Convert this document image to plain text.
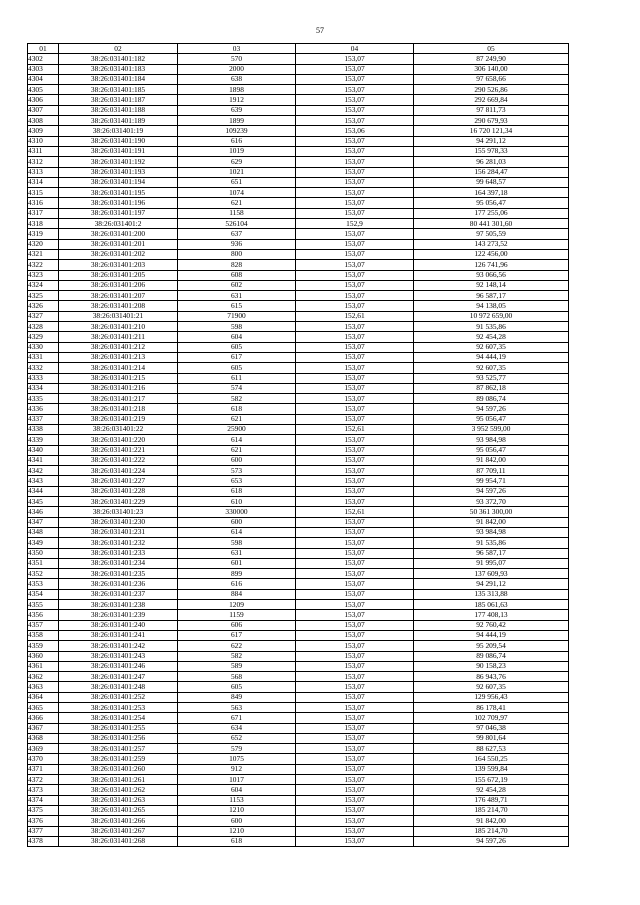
57
01	02	03	04	05
4302	38:26:031401:182	570	153,07	87 249,90
4303	38:26:031401:183	2000	153,07	306 140,00
4304	38:26:031401:184	638	153,07	97 658,66
4305	38:26:031401:185	1898	153,07	290 526,86
4306	38:26:031401:187	1912	153,07	292 669,84
4307	38:26:031401:188	639	153,07	97 811,73
4308	38:26:031401:189	1899	153,07	290 679,93
4309	38:26:031401:19	109239	153,06	16 720 121,34
4310	38:26:031401:190	616	153,07	94 291,12
4311	38:26:031401:191	1019	153,07	155 978,33
4312	38:26:031401:192	629	153,07	96 281,03
4313	38:26:031401:193	1021	153,07	156 284,47
4314	38:26:031401:194	651	153,07	99 648,57
4315	38:26:031401:195	1074	153,07	164 397,18
4316	38:26:031401:196	621	153,07	95 056,47
4317	38:26:031401:197	1158	153,07	177 255,06
4318	38:26:031401:2	526104	152,9	80 441 301,60
4319	38:26:031401:200	637	153,07	97 505,59
4320	38:26:031401:201	936	153,07	143 273,52
4321	38:26:031401:202	800	153,07	122 456,00
4322	38:26:031401:203	828	153,07	126 741,96
4323	38:26:031401:205	608	153,07	93 066,56
4324	38:26:031401:206	602	153,07	92 148,14
4325	38:26:031401:207	631	153,07	96 587,17
4326	38:26:031401:208	615	153,07	94 138,05
4327	38:26:031401:21	71900	152,61	10 972 659,00
4328	38:26:031401:210	598	153,07	91 535,86
4329	38:26:031401:211	604	153,07	92 454,28
4330	38:26:031401:212	605	153,07	92 607,35
4331	38:26:031401:213	617	153,07	94 444,19
4332	38:26:031401:214	605	153,07	92 607,35
4333	38:26:031401:215	611	153,07	93 525,77
4334	38:26:031401:216	574	153,07	87 862,18
4335	38:26:031401:217	582	153,07	89 086,74
4336	38:26:031401:218	618	153,07	94 597,26
4337	38:26:031401:219	621	153,07	95 056,47
4338	38:26:031401:22	25900	152,61	3 952 599,00
4339	38:26:031401:220	614	153,07	93 984,98
4340	38:26:031401:221	621	153,07	95 056,47
4341	38:26:031401:222	600	153,07	91 842,00
4342	38:26:031401:224	573	153,07	87 709,11
4343	38:26:031401:227	653	153,07	99 954,71
4344	38:26:031401:228	618	153,07	94 597,26
4345	38:26:031401:229	610	153,07	93 372,70
4346	38:26:031401:23	330000	152,61	50 361 300,00
4347	38:26:031401:230	600	153,07	91 842,00
4348	38:26:031401:231	614	153,07	93 984,98
4349	38:26:031401:232	598	153,07	91 535,86
4350	38:26:031401:233	631	153,07	96 587,17
4351	38:26:031401:234	601	153,07	91 995,07
4352	38:26:031401:235	899	153,07	137 609,93
4353	38:26:031401:236	616	153,07	94 291,12
4354	38:26:031401:237	884	153,07	135 313,88
4355	38:26:031401:238	1209	153,07	185 061,63
4356	38:26:031401:239	1159	153,07	177 408,13
4357	38:26:031401:240	606	153,07	92 760,42
4358	38:26:031401:241	617	153,07	94 444,19
4359	38:26:031401:242	622	153,07	95 209,54
4360	38:26:031401:243	582	153,07	89 086,74
4361	38:26:031401:246	589	153,07	90 158,23
4362	38:26:031401:247	568	153,07	86 943,76
4363	38:26:031401:248	605	153,07	92 607,35
4364	38:26:031401:252	849	153,07	129 956,43
4365	38:26:031401:253	563	153,07	86 178,41
4366	38:26:031401:254	671	153,07	102 709,97
4367	38:26:031401:255	634	153,07	97 046,38
4368	38:26:031401:256	652	153,07	99 801,64
4369	38:26:031401:257	579	153,07	88 627,53
4370	38:26:031401:259	1075	153,07	164 550,25
4371	38:26:031401:260	912	153,07	139 599,84
4372	38:26:031401:261	1017	153,07	155 672,19
4373	38:26:031401:262	604	153,07	92 454,28
4374	38:26:031401:263	1153	153,07	176 489,71
4375	38:26:031401:265	1210	153,07	185 214,70
4376	38:26:031401:266	600	153,07	91 842,00
4377	38:26:031401:267	1210	153,07	185 214,70
4378	38:26:031401:268	618	153,07	94 597,26
